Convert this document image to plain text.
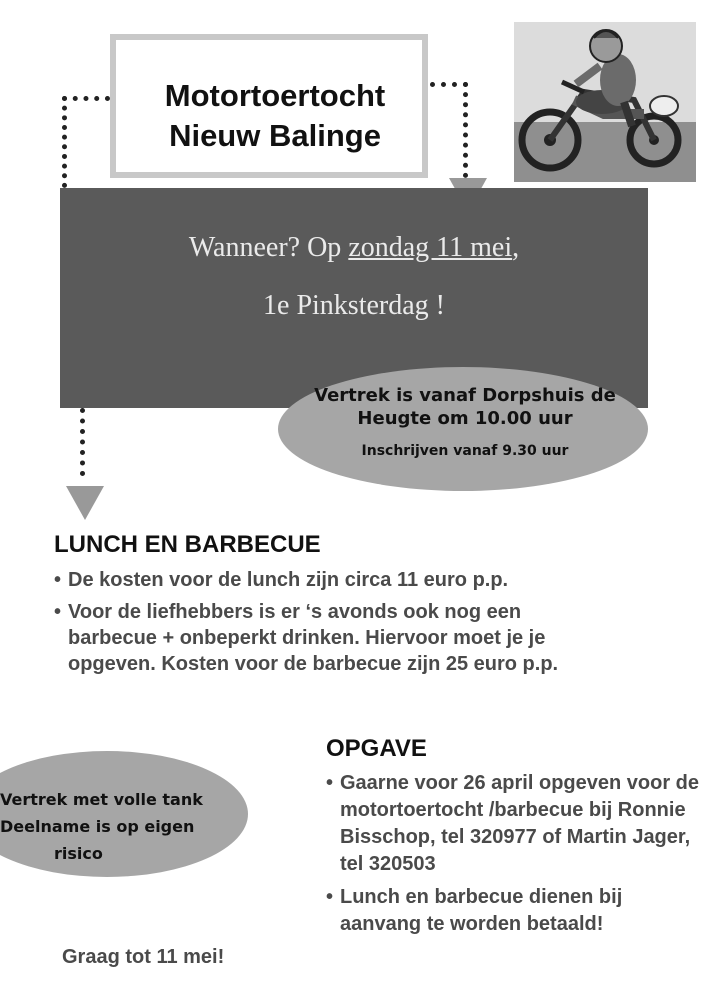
Motortoertocht
Nieuw Balinge
Wanneer? Op zondag 11 mei,
1e Pinksterdag !
Vertrek is vanaf Dorpshuis de
Heugte om 10.00 uur
Inschrijven vanaf 9.30 uur
LUNCH EN BARBECUE
• De kosten voor de lunch zijn circa 11 euro p.p.
• Voor de liefhebbers is er ‘s avonds ook nog een barbecue + onbeperkt drinken. Hiervoor moet je je opgeven. Kosten voor de barbecue zijn 25 euro p.p.
Vertrek met volle tank
Deelname is op eigen
risico
OPGAVE
• Gaarne voor 26 april opgeven voor de motortoertocht /barbecue bij Ronnie Bisschop, tel 320977 of Martin Jager, tel 320503
• Lunch en barbecue dienen bij aanvang te worden betaald!
Graag tot 11 mei!
